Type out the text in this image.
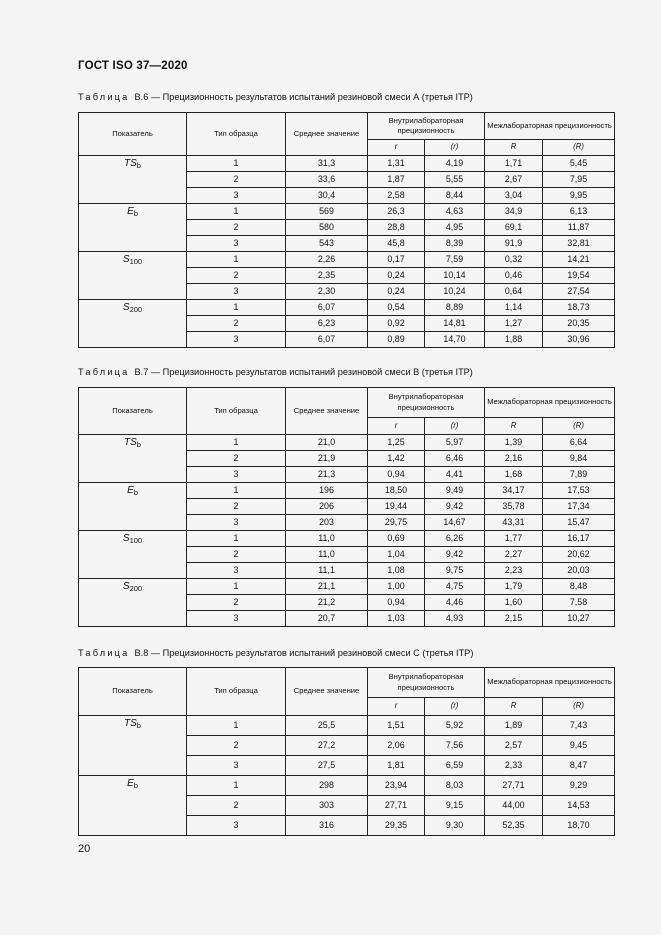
ГОСТ ISO 37—2020
Таблица В.6 — Прецизионность результатов испытаний резиновой смеси А (третья ITP)
Показатель	Тип образца	Среднее значение	Внутрилабораторная прецизионность		Межлабораторная прецизионность	
			r	(r)	R	(R)
$TS_b$	1	31,3	1,31	4,19	1,71	5,45
	2	33,6	1,87	5,55	2,67	7,95
	3	30,4	2,58	8,44	3,04	9,95
$E_b$	1	569	26,3	4,63	34,9	6,13
	2	580	28,8	4,95	69,1	11,87
	3	543	45,8	8,39	91,9	32,81
$S_{100}$	1	2,26	0,17	7,59	0,32	14,21
	2	2,35	0,24	10,14	0,46	19,54
	3	2,30	0,24	10,24	0,64	27,54
$S_{200}$	1	6,07	0,54	8,89	1,14	18,73
	2	6,23	0,92	14,81	1,27	20,35
	3	6,07	0,89	14,70	1,88	30,96
Таблица В.7 — Прецизионность результатов испытаний резиновой смеси В (третья ITP)
Показатель	Тип образца	Среднее значение	Внутрилабораторная прецизионность		Межлабораторная прецизионность	
			r	(r)	R	(R)
$TS_b$	1	21,0	1,25	5,97	1,39	6,64
	2	21,9	1,42	6,46	2,16	9,84
	3	21,3	0,94	4,41	1,68	7,89
$E_b$	1	196	18,50	9,49	34,17	17,53
	2	206	19,44	9,42	35,78	17,34
	3	203	29,75	14,67	43,31	15,47
$S_{100}$	1	11,0	0,69	6,26	1,77	16,17
	2	11,0	1,04	9,42	2,27	20,62
	3	11,1	1,08	9,75	2,23	20,03
$S_{200}$	1	21,1	1,00	4,75	1,79	8,48
	2	21,2	0,94	4,46	1,60	7,58
	3	20,7	1,03	4,93	2,15	10,27
Таблица В.8 — Прецизионность результатов испытаний резиновой смеси С (третья ITP)
Показатель	Тип образца	Среднее значение	Внутрилабораторная прецизионность		Межлабораторная прецизионность	
			r	(r)	R	(R)
$TS_b$	1	25,5	1,51	5,92	1,89	7,43
	2	27,2	2,06	7,56	2,57	9,45
	3	27,5	1,81	6,59	2,33	8,47
$E_b$	1	298	23,94	8,03	27,71	9,29
	2	303	27,71	9,15	44,00	14,53
	3	316	29,35	9,30	52,35	18,70
20
